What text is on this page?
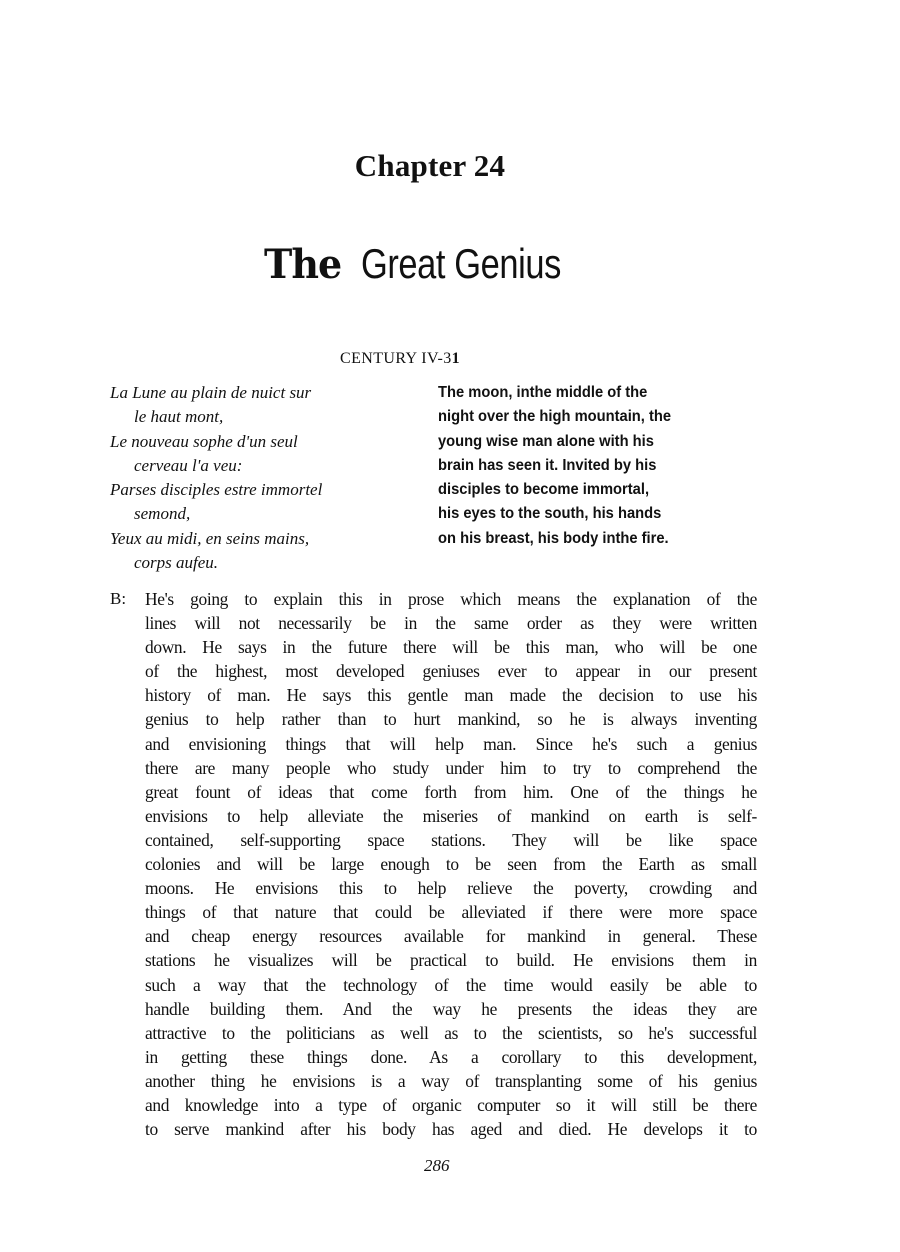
Chapter 24
The Great Genius
CENTURY IV-31
La Lune au plain de nuict sur
le haut mont,
Le nouveau sophe d'un seul
cerveau l'a veu:
Parses disciples estre immortel
semond,
Yeux au midi, en seins mains,
corps aufeu.
The moon, inthe middle of the
night over the high mountain, the
young wise man alone with his
brain has seen it. Invited by his
disciples to become immortal,
his eyes to the south, his hands
on his breast, his body inthe fire.
B: He's going to explain this in prose which means the explanation of the
lines will not necessarily be in the same order as they were written
down. He says in the future there will be this man, who will be one
of the highest, most developed geniuses ever to appear in our present
history of man. He says this gentle man made the decision to use his
genius to help rather than to hurt mankind, so he is always inventing
and envisioning things that will help man. Since he's such a genius
there are many people who study under him to try to comprehend the
great fount of ideas that come forth from him. One of the things he
envisions to help alleviate the miseries of mankind on earth is self-
contained, self-supporting space stations. They will be like space
colonies and will be large enough to be seen from the Earth as small
moons. He envisions this to help relieve the poverty, crowding and
things of that nature that could be alleviated if there were more space
and cheap energy resources available for mankind in general. These
stations he visualizes will be practical to build. He envisions them in
such a way that the technology of the time would easily be able to
handle building them. And the way he presents the ideas they are
attractive to the politicians as well as to the scientists, so he's successful
in getting these things done. As a corollary to this development,
another thing he envisions is a way of transplanting some of his genius
and knowledge into a type of organic computer so it will still be there
to serve mankind after his body has aged and died. He develops it to
286
